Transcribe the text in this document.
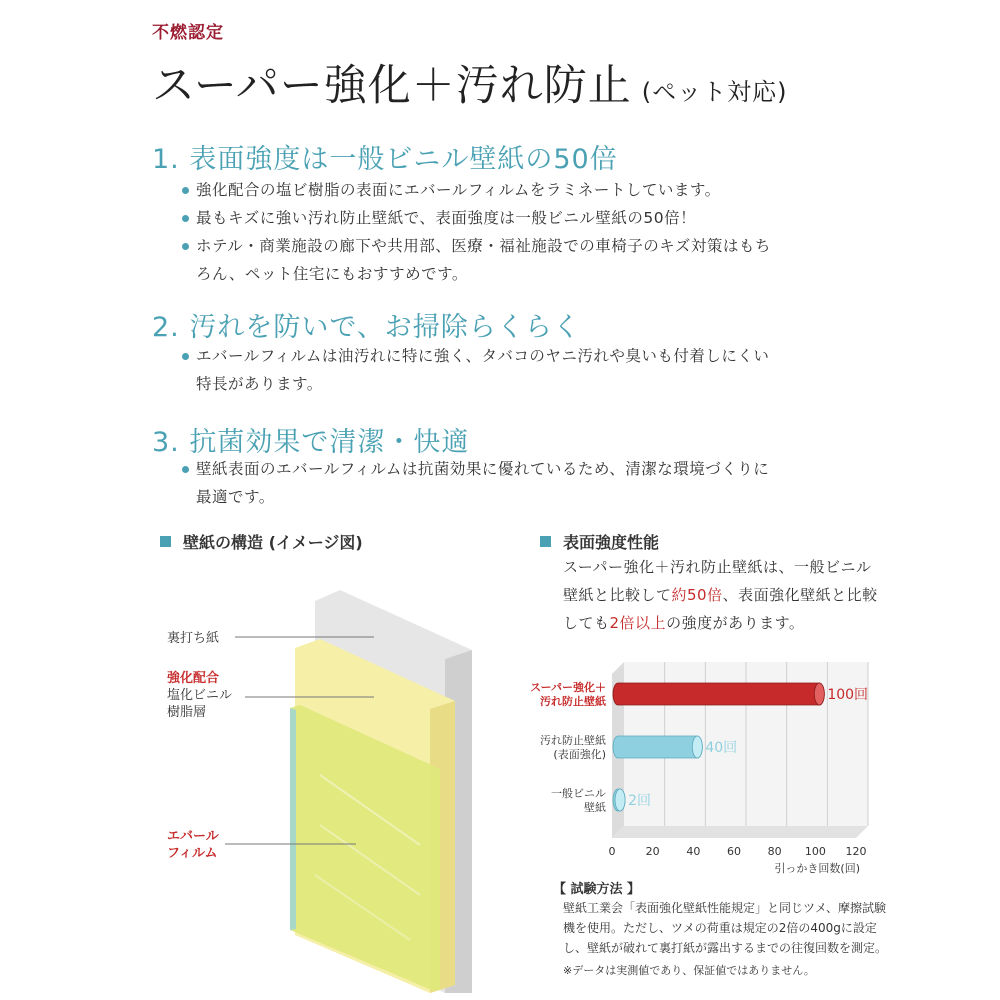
不燃認定
スーパー強化＋汚れ防止 (ペット対応)
1. 表面強度は一般ビニル壁紙の50倍
強化配合の塩ビ樹脂の表面にエバールフィルムをラミネートしています。
最もキズに強い汚れ防止壁紙で、表面強度は一般ビニル壁紙の50倍！
ホテル・商業施設の廊下や共用部、医療・福祉施設での車椅子のキズ対策はもち
ろん、ペット住宅にもおすすめです。
2. 汚れを防いで、お掃除らくらく
エバールフィルムは油汚れに特に強く、タバコのヤニ汚れや臭いも付着しにくい
特長があります。
3. 抗菌効果で清潔・快適
壁紙表面のエバールフィルムは抗菌効果に優れているため、清潔な環境づくりに
最適です。
壁紙の構造 (イメージ図)
裏打ち紙
強化配合
塩化ビニル
樹脂層
エバール
フィルム
表面強度性能
スーパー強化＋汚れ防止壁紙は、一般ビニル
壁紙と比較して約50倍、表面強化壁紙と比較
しても2倍以上の強度があります。
0	20 40 60 80 100 120
引っかき回数(回)
100回
スーパー強化＋
汚れ防止壁紙
40回
汚れ防止壁紙
(表面強化)
2回
一般ビニル
壁紙
【 試験方法 】
壁紙工業会「表面強化壁紙性能規定」と同じツメ、摩擦試験
機を使用。ただし、ツメの荷重は規定の2倍の400gに設定
し、壁紙が破れて裏打紙が露出するまでの往復回数を測定。
※データは実測値であり、保証値ではありません。
